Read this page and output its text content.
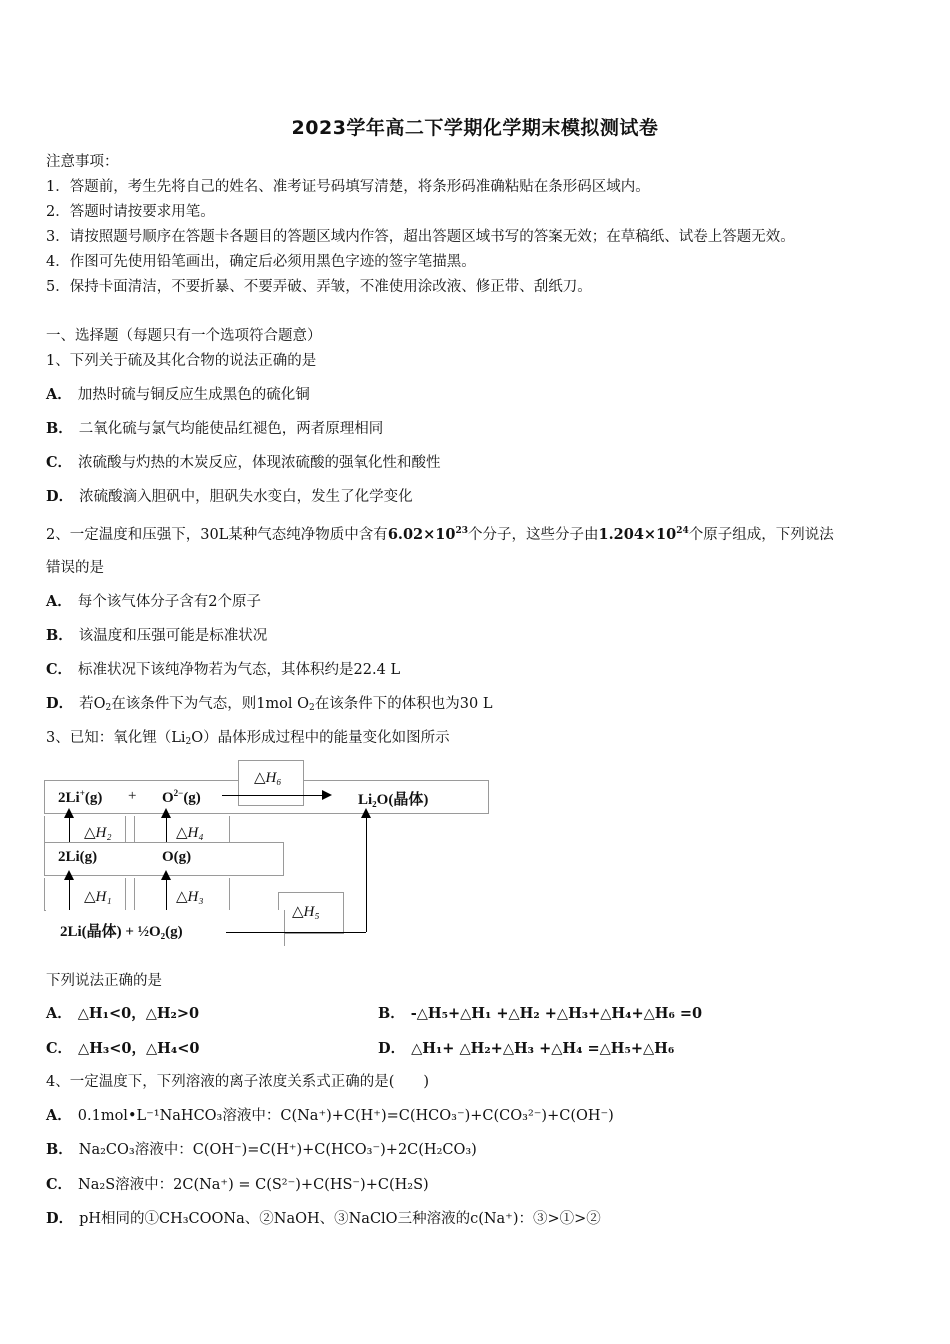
2023学年高二下学期化学期末模拟测试卷
注意事项：
1．答题前，考生先将自己的姓名、准考证号码填写清楚，将条形码准确粘贴在条形码区域内。
2．答题时请按要求用笔。
3．请按照题号顺序在答题卡各题目的答题区域内作答，超出答题区域书写的答案无效；在草稿纸、试卷上答题无效。
4．作图可先使用铅笔画出，确定后必须用黑色字迹的签字笔描黑。
5．保持卡面清洁，不要折暴、不要弄破、弄皱，不准使用涂改液、修正带、刮纸刀。
一、选择题（每题只有一个选项符合题意）
1、下列关于硫及其化合物的说法正确的是
A． 加热时硫与铜反应生成黑色的硫化铜
B． 二氧化硫与氯气均能使品红褪色，两者原理相同
C． 浓硫酸与灼热的木炭反应，体现浓硫酸的强氧化性和酸性
D． 浓硫酸滴入胆矾中，胆矾失水变白，发生了化学变化
2、一定温度和压强下，30L某种气态纯净物质中含有$6.02\times 10^{23}$个分子，这些分子由$1.204\times 10^{24}$个原子组成，下列说法
错误的是
A． 每个该气体分子含有2个原子
B． 该温度和压强可能是标准状况
C． 标准状况下该纯净物若为气态，其体积约是22.4 L
D． 若$O_2$在该条件下为气态，则1mol $O_2$在该条件下的体积也为30 L
3、已知：氧化锂$(Li_2O)$晶体形成过程中的能量变化如图所示
$2Li^+(g) + O^{2-}(g)$	Li₂O(晶体)
△H₆
△H₂	△H₄
2Li(g)	O(g)
△H₁	△H₃
△H₅
2Li(晶体) + ½O₂(g)
下列说法正确的是
A． △H₁<0，△H₂>0	B． -△H₅+△H₁ +△H₂ +△H₃+△H₄+△H₆ =0
C． △H₃<0，△H₄<0	D． △H₁+ △H₂+△H₃ +△H₄ =△H₅+△H₆
4、一定温度下，下列溶液的离子浓度关系式正确的是(　　)
A． 0.1mol•L⁻¹NaHCO₃溶液中：C(Na⁺)+C(H⁺)=C(HCO₃⁻)+C(CO₃²⁻)+C(OH⁻)
B． Na₂CO₃溶液中：C(OH⁻)=C(H⁺)+C(HCO₃⁻)+2C(H₂CO₃)
C． Na₂S溶液中：2C(Na⁺) = C(S²⁻)+C(HS⁻)+C(H₂S)
D． pH相同的①CH₃COONa、②NaOH、③NaClO三种溶液的c(Na⁺)：③>①>②
